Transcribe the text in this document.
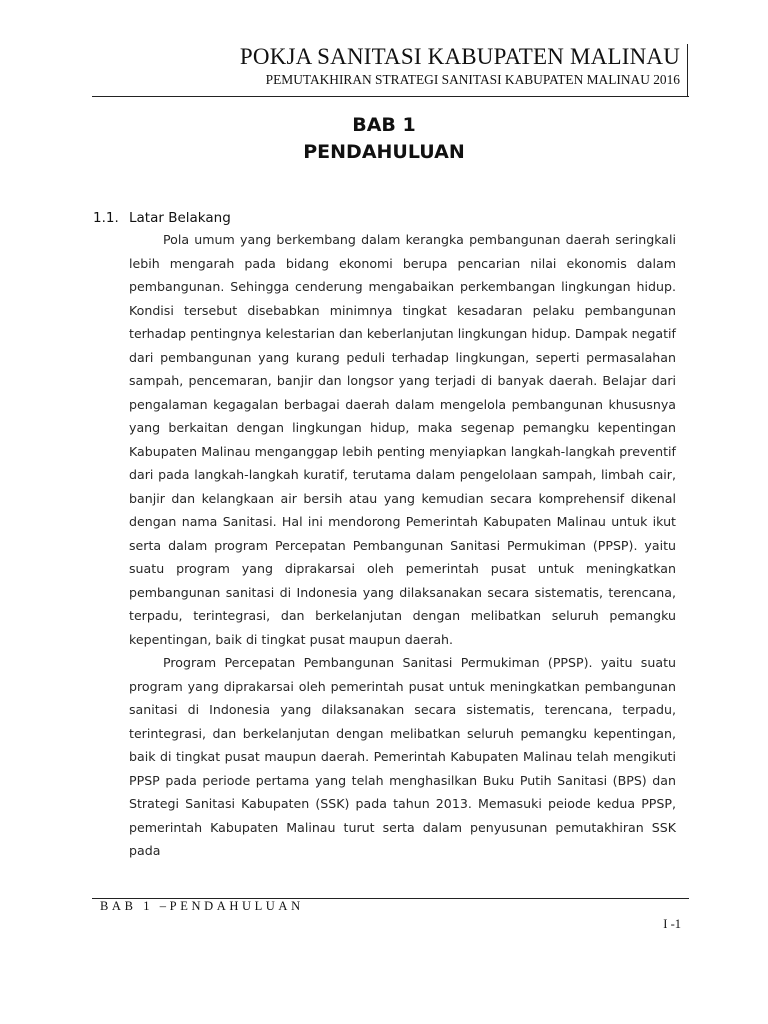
POKJA SANITASI KABUPATEN MALINAU
PEMUTAKHIRAN STRATEGI SANITASI KABUPATEN MALINAU 2016
BAB 1
PENDAHULUAN
1.1. Latar Belakang

Pola umum yang berkembang dalam kerangka pembangunan daerah seringkali lebih mengarah pada bidang ekonomi berupa pencarian nilai ekonomis dalam pembangunan. Sehingga cenderung mengabaikan perkembangan lingkungan hidup. Kondisi tersebut disebabkan minimnya tingkat kesadaran pelaku pembangunan terhadap pentingnya kelestarian dan keberlanjutan lingkungan hidup. Dampak negatif dari pembangunan yang kurang peduli terhadap lingkungan, seperti permasalahan sampah, pencemaran, banjir dan longsor yang terjadi di banyak daerah. Belajar dari pengalaman kegagalan berbagai daerah dalam mengelola pembangunan khususnya yang berkaitan dengan lingkungan hidup, maka segenap pemangku kepentingan Kabupaten Malinau menganggap lebih penting menyiapkan langkah-langkah preventif dari pada langkah-langkah kuratif, terutama dalam pengelolaan sampah, limbah cair, banjir dan kelangkaan air bersih atau yang kemudian secara komprehensif dikenal dengan nama Sanitasi. Hal ini mendorong Pemerintah Kabupaten Malinau untuk ikut serta dalam program Percepatan Pembangunan Sanitasi Permukiman (PPSP). yaitu suatu program yang diprakarsai oleh pemerintah pusat untuk meningkatkan pembangunan sanitasi di Indonesia yang dilaksanakan secara sistematis, terencana, terpadu, terintegrasi, dan berkelanjutan dengan melibatkan seluruh pemangku kepentingan, baik di tingkat pusat maupun daerah.

Program Percepatan Pembangunan Sanitasi Permukiman (PPSP). yaitu suatu program yang diprakarsai oleh pemerintah pusat untuk meningkatkan pembangunan sanitasi di Indonesia yang dilaksanakan secara sistematis, terencana, terpadu, terintegrasi, dan berkelanjutan dengan melibatkan seluruh pemangku kepentingan, baik di tingkat pusat maupun daerah. Pemerintah Kabupaten Malinau telah mengikuti PPSP pada periode pertama yang telah menghasilkan Buku Putih Sanitasi (BPS) dan Strategi Sanitasi Kabupaten (SSK) pada tahun 2013. Memasuki peiode kedua PPSP, pemerintah Kabupaten Malinau turut serta dalam penyusunan pemutakhiran SSK pada

BAB 1 –PENDAHULUAN
I -1
